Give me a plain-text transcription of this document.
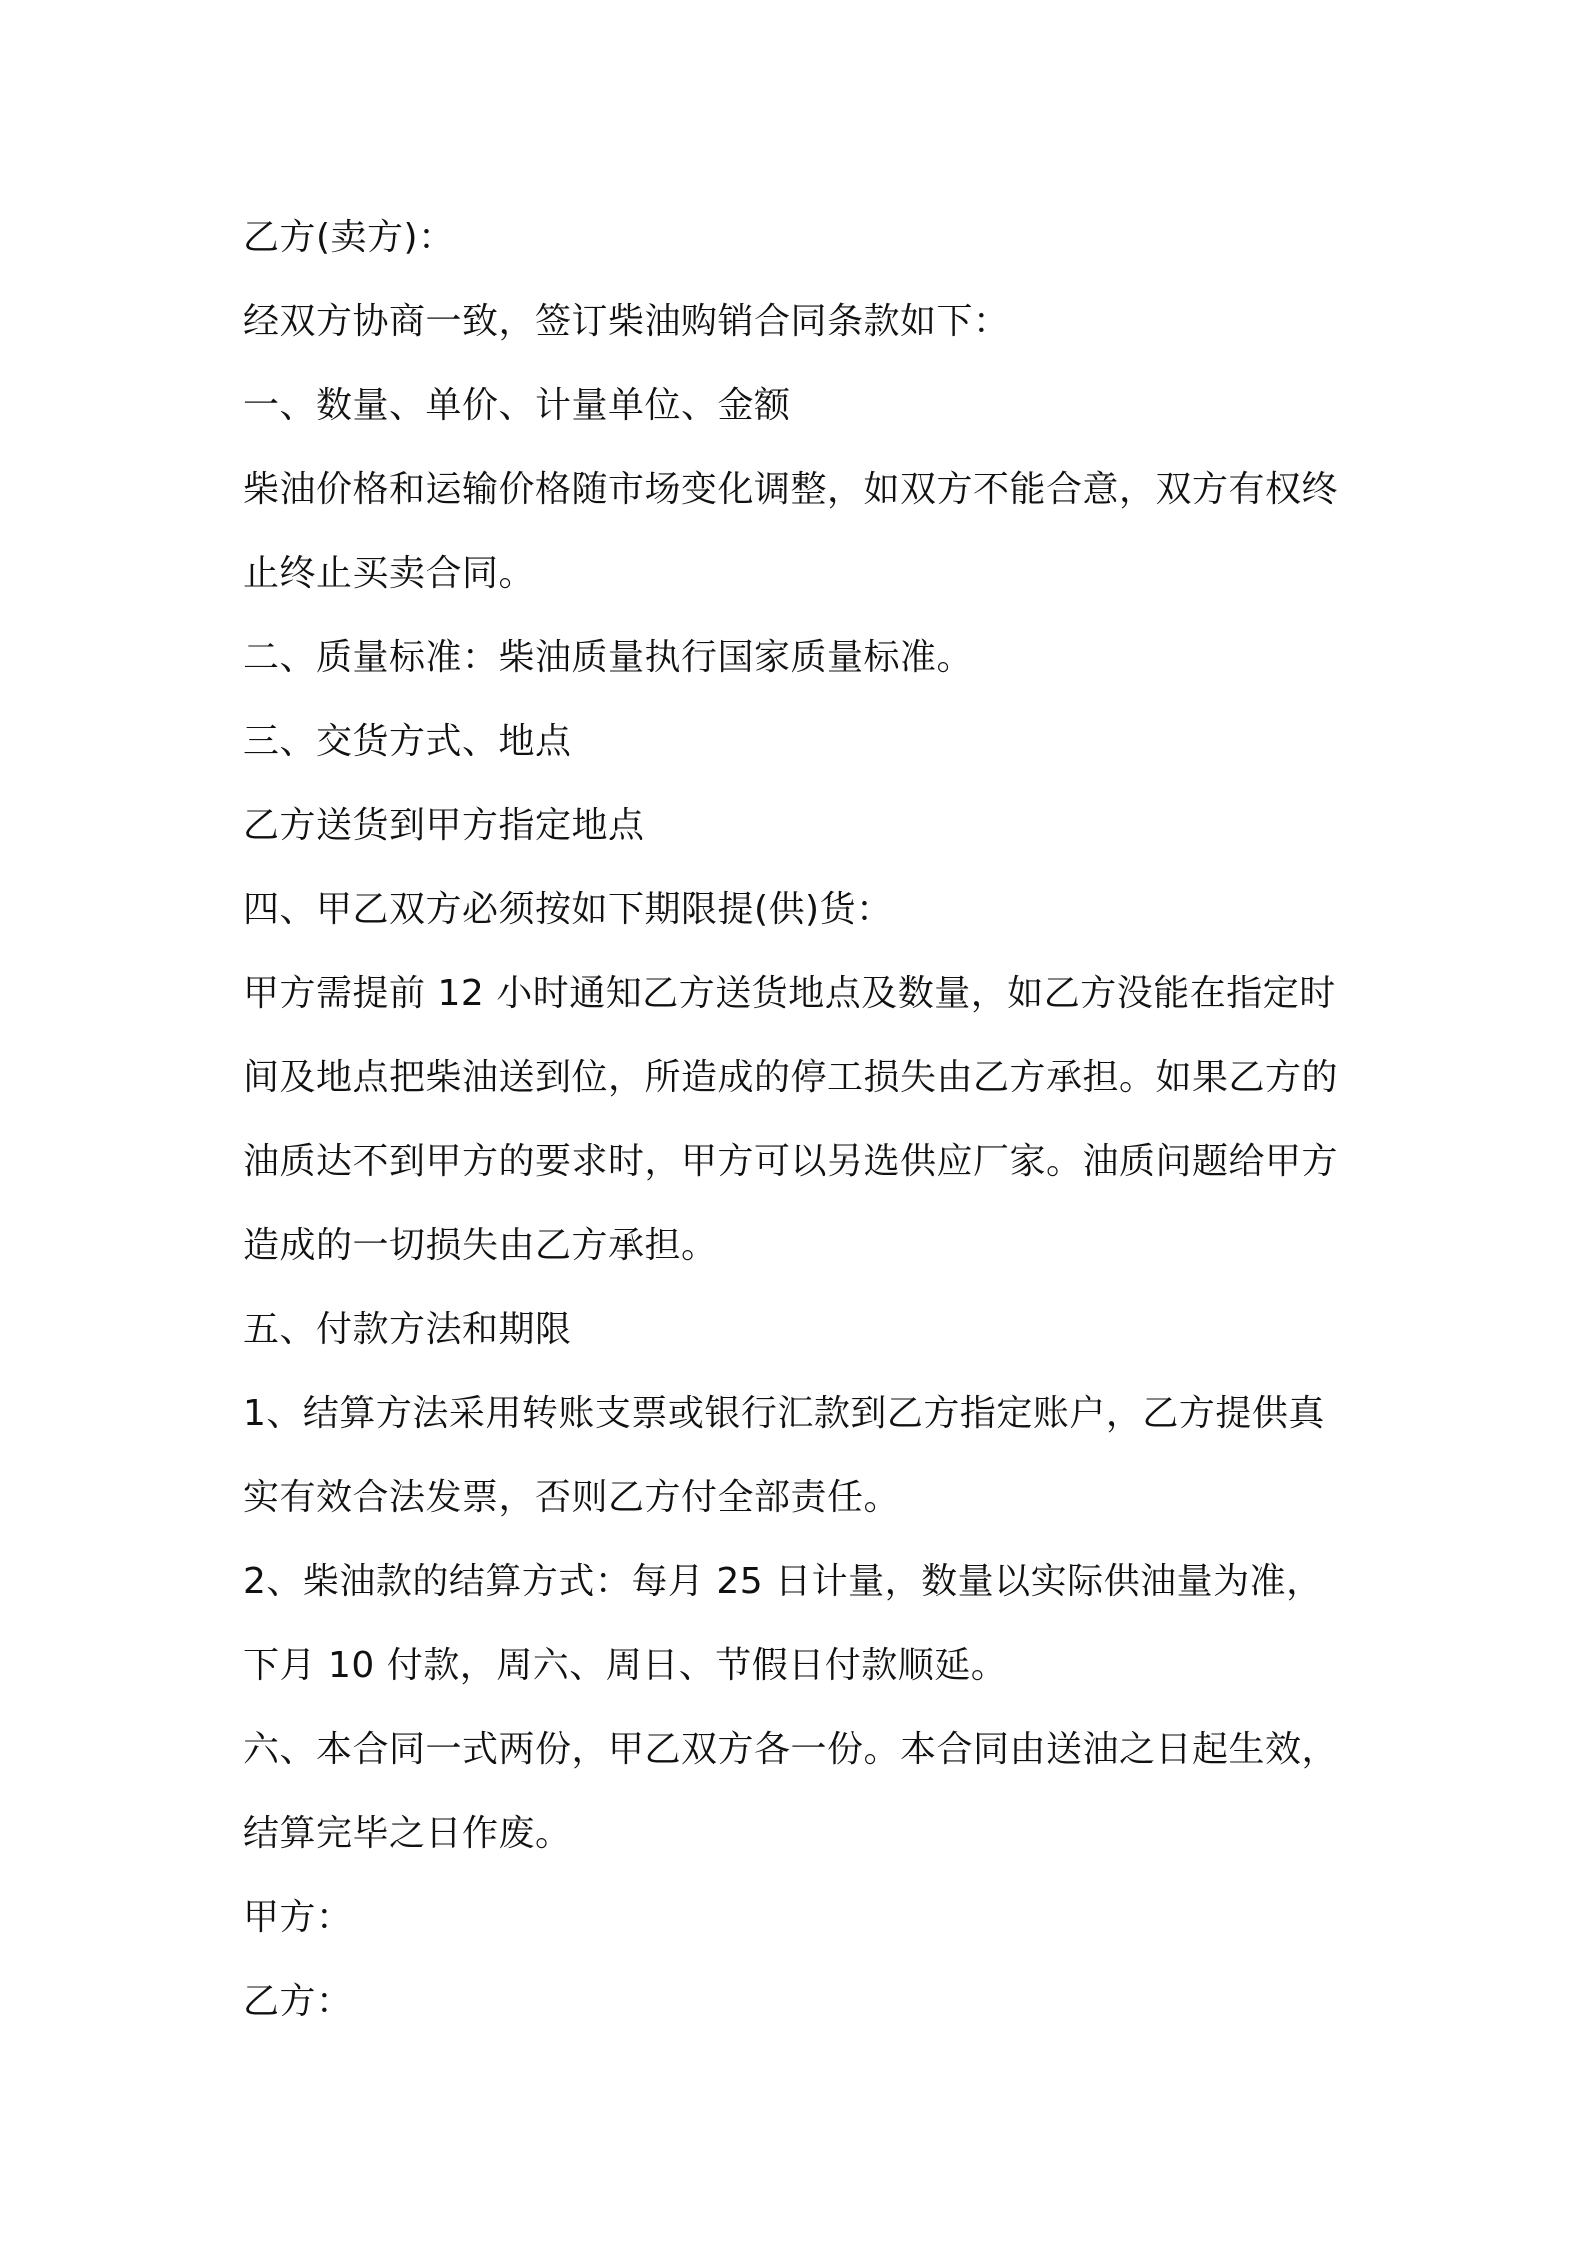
乙方(卖方)：
经双方协商一致，签订柴油购销合同条款如下：
一、数量、单价、计量单位、金额
柴油价格和运输价格随市场变化调整，如双方不能合意，双方有权终
止终止买卖合同。
二、质量标准：柴油质量执行国家质量标准。
三、交货方式、地点
乙方送货到甲方指定地点
四、甲乙双方必须按如下期限提(供)货：
甲方需提前 12 小时通知乙方送货地点及数量，如乙方没能在指定时
间及地点把柴油送到位，所造成的停工损失由乙方承担。如果乙方的
油质达不到甲方的要求时，甲方可以另选供应厂家。油质问题给甲方
造成的一切损失由乙方承担。
五、付款方法和期限
1、结算方法采用转账支票或银行汇款到乙方指定账户，乙方提供真
实有效合法发票，否则乙方付全部责任。
2、柴油款的结算方式：每月 25 日计量，数量以实际供油量为准，
下月 10 付款，周六、周日、节假日付款顺延。
六、本合同一式两份，甲乙双方各一份。本合同由送油之日起生效，
结算完毕之日作废。
甲方：
乙方：
